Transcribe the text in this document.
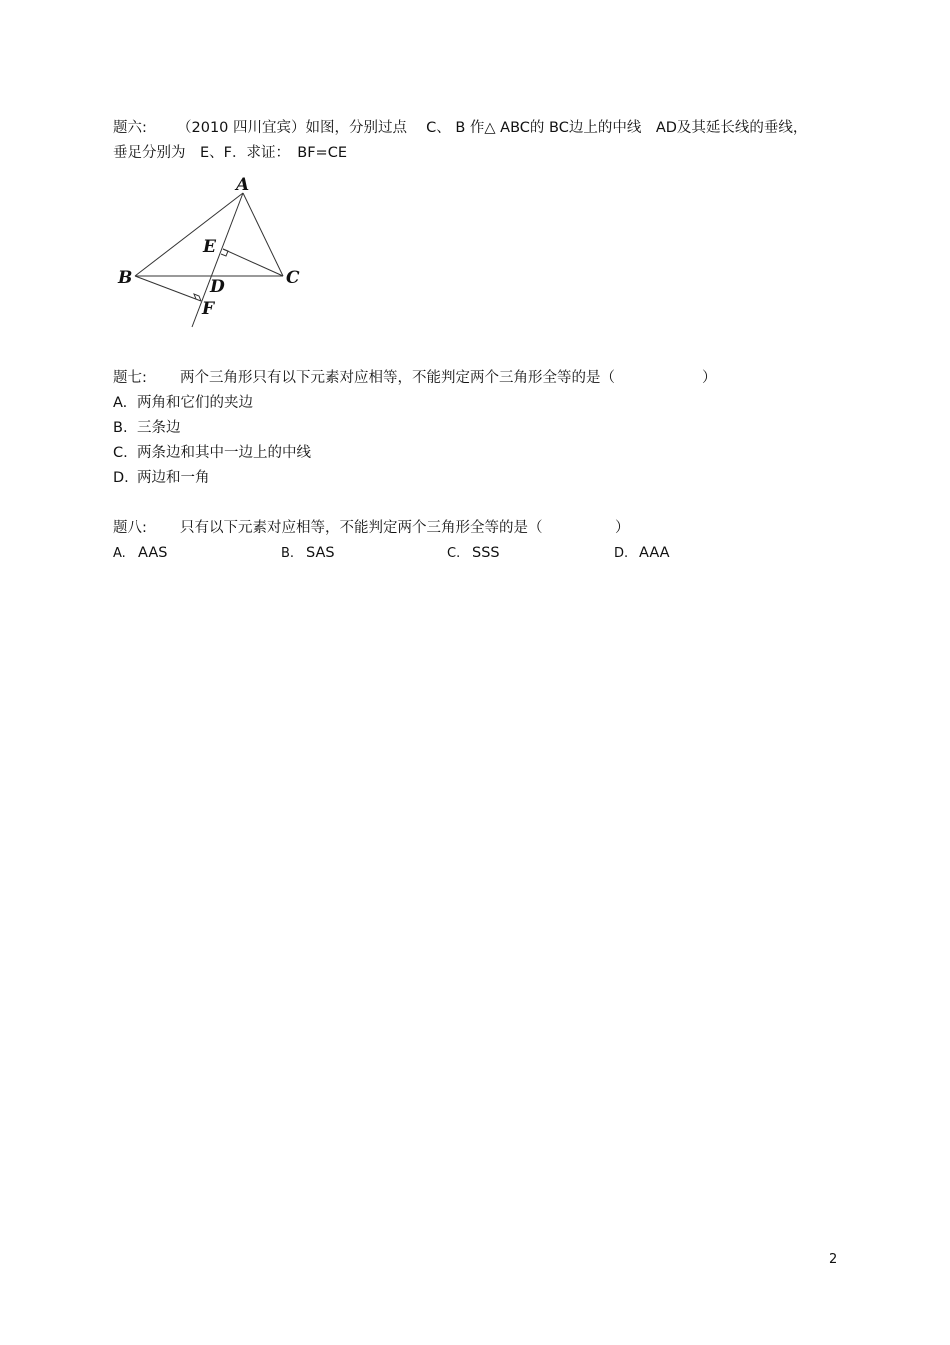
题六: （2010 四川宜宾）如图，分别过点　 C、 B 作△ ABC的 BC边上的中线　AD及其延长线的垂线，
垂足分别为　E、F．求证：　BF=CE
A
B	C
D
E
F
题七: 两个三角形只有以下元素对应相等，不能判定两个三角形全等的是（　　　　　　）
A. 两角和它们的夹边
B. 三条边
C. 两条边和其中一边上的中线
D. 两边和一角
题八: 只有以下元素对应相等，不能判定两个三角形全等的是（　　　　　）
A. AAS	B. SAS	C. SSS	D. AAA
2
